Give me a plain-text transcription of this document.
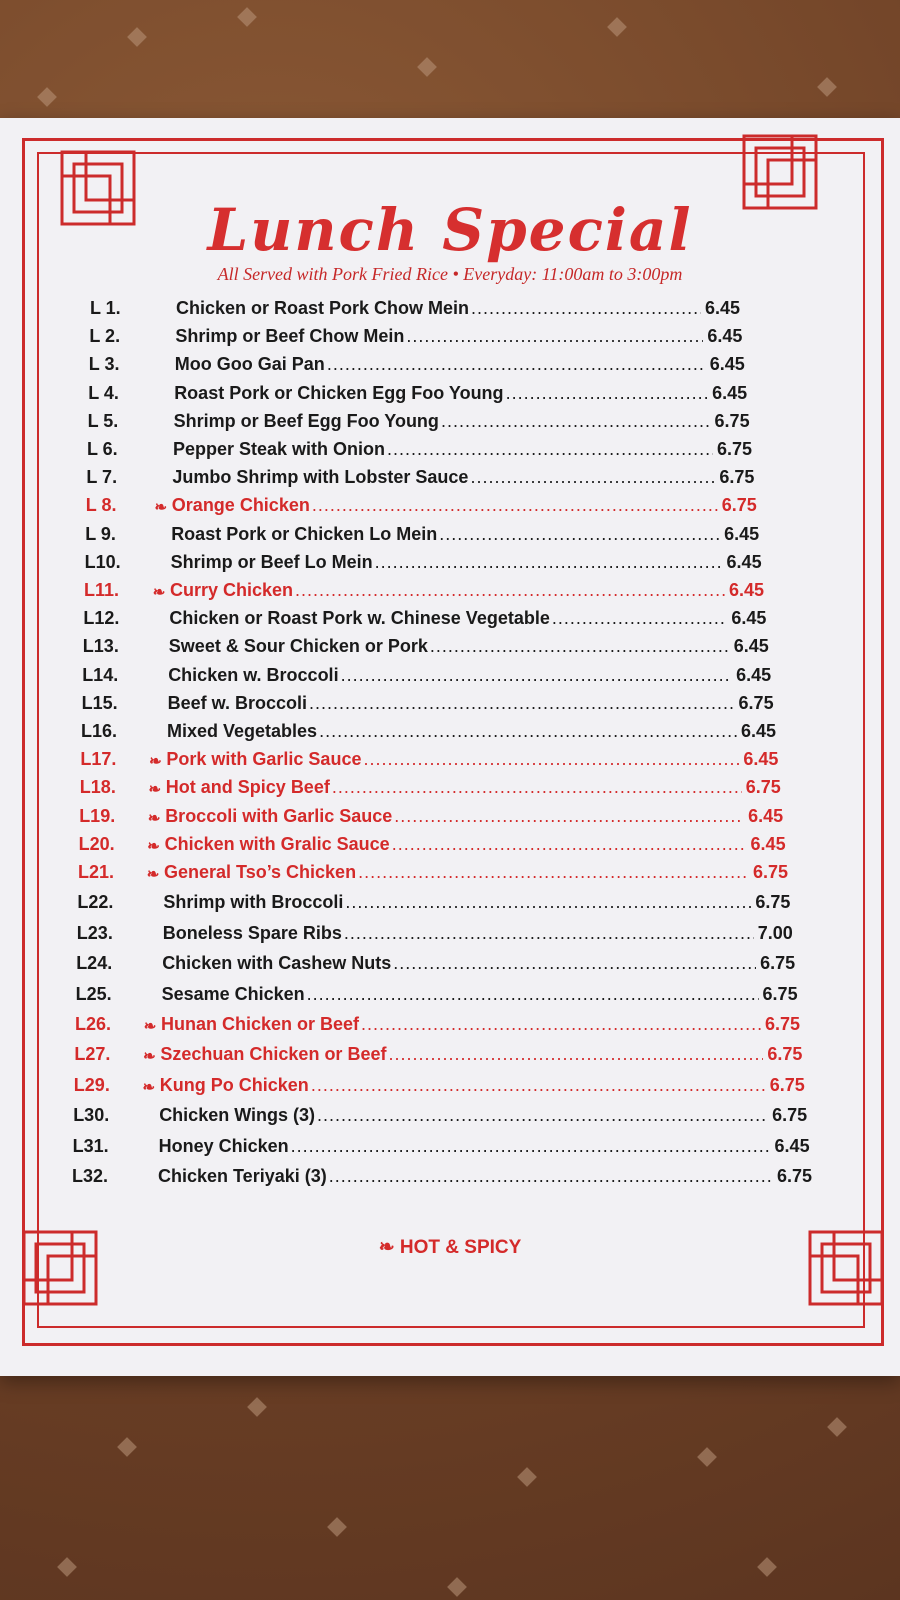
Lunch Special
All Served with Pork Fried Rice • Everyday: 11:00am to 3:00pm
L 1.	Chicken or Roast Pork Chow Mein .....	6.45
L 2.	Shrimp or Beef Chow Mein .....	6.45
L 3.	Moo Goo Gai Pan .....	6.45
L 4.	Roast Pork or Chicken Egg Foo Young .....	6.45
L 5.	Shrimp or Beef Egg Foo Young .....	6.75
L 6.	Pepper Steak with Onion .....	6.75
L 7.	Jumbo Shrimp with Lobster Sauce .....	6.75
L 8.	❧ Orange Chicken .....	6.75
L 9.	Roast Pork or Chicken Lo Mein .....	6.45
L10.	Shrimp or Beef Lo Mein .....	6.45
L11.	❧ Curry Chicken .....	6.45
L12.	Chicken or Roast Pork w. Chinese Vegetable .....	6.45
L13.	Sweet & Sour Chicken or Pork .....	6.45
L14.	Chicken w. Broccoli .....	6.45
L15.	Beef w. Broccoli .....	6.75
L16.	Mixed Vegetables .....	6.45
L17.	❧ Pork with Garlic Sauce .....	6.45
L18.	❧ Hot and Spicy Beef .....	6.75
L19.	❧ Broccoli with Garlic Sauce .....	6.45
L20.	❧ Chicken with Gralic Sauce .....	6.45
L21.	❧ General Tso’s Chicken .....	6.75
L22.	Shrimp with Broccoli .....	6.75
L23.	Boneless Spare Ribs .....	7.00
L24.	Chicken with Cashew Nuts .....	6.75
L25.	Sesame Chicken .....	6.75
L26.	❧ Hunan Chicken or Beef .....	6.75
L27.	❧ Szechuan Chicken or Beef .....	6.75
L29.	❧ Kung Po Chicken .....	6.75
L30.	Chicken Wings (3) .....	6.75
L31.	Honey Chicken .....	6.45
L32.	Chicken Teriyaki (3) .....	6.75
❧ HOT & SPICY
